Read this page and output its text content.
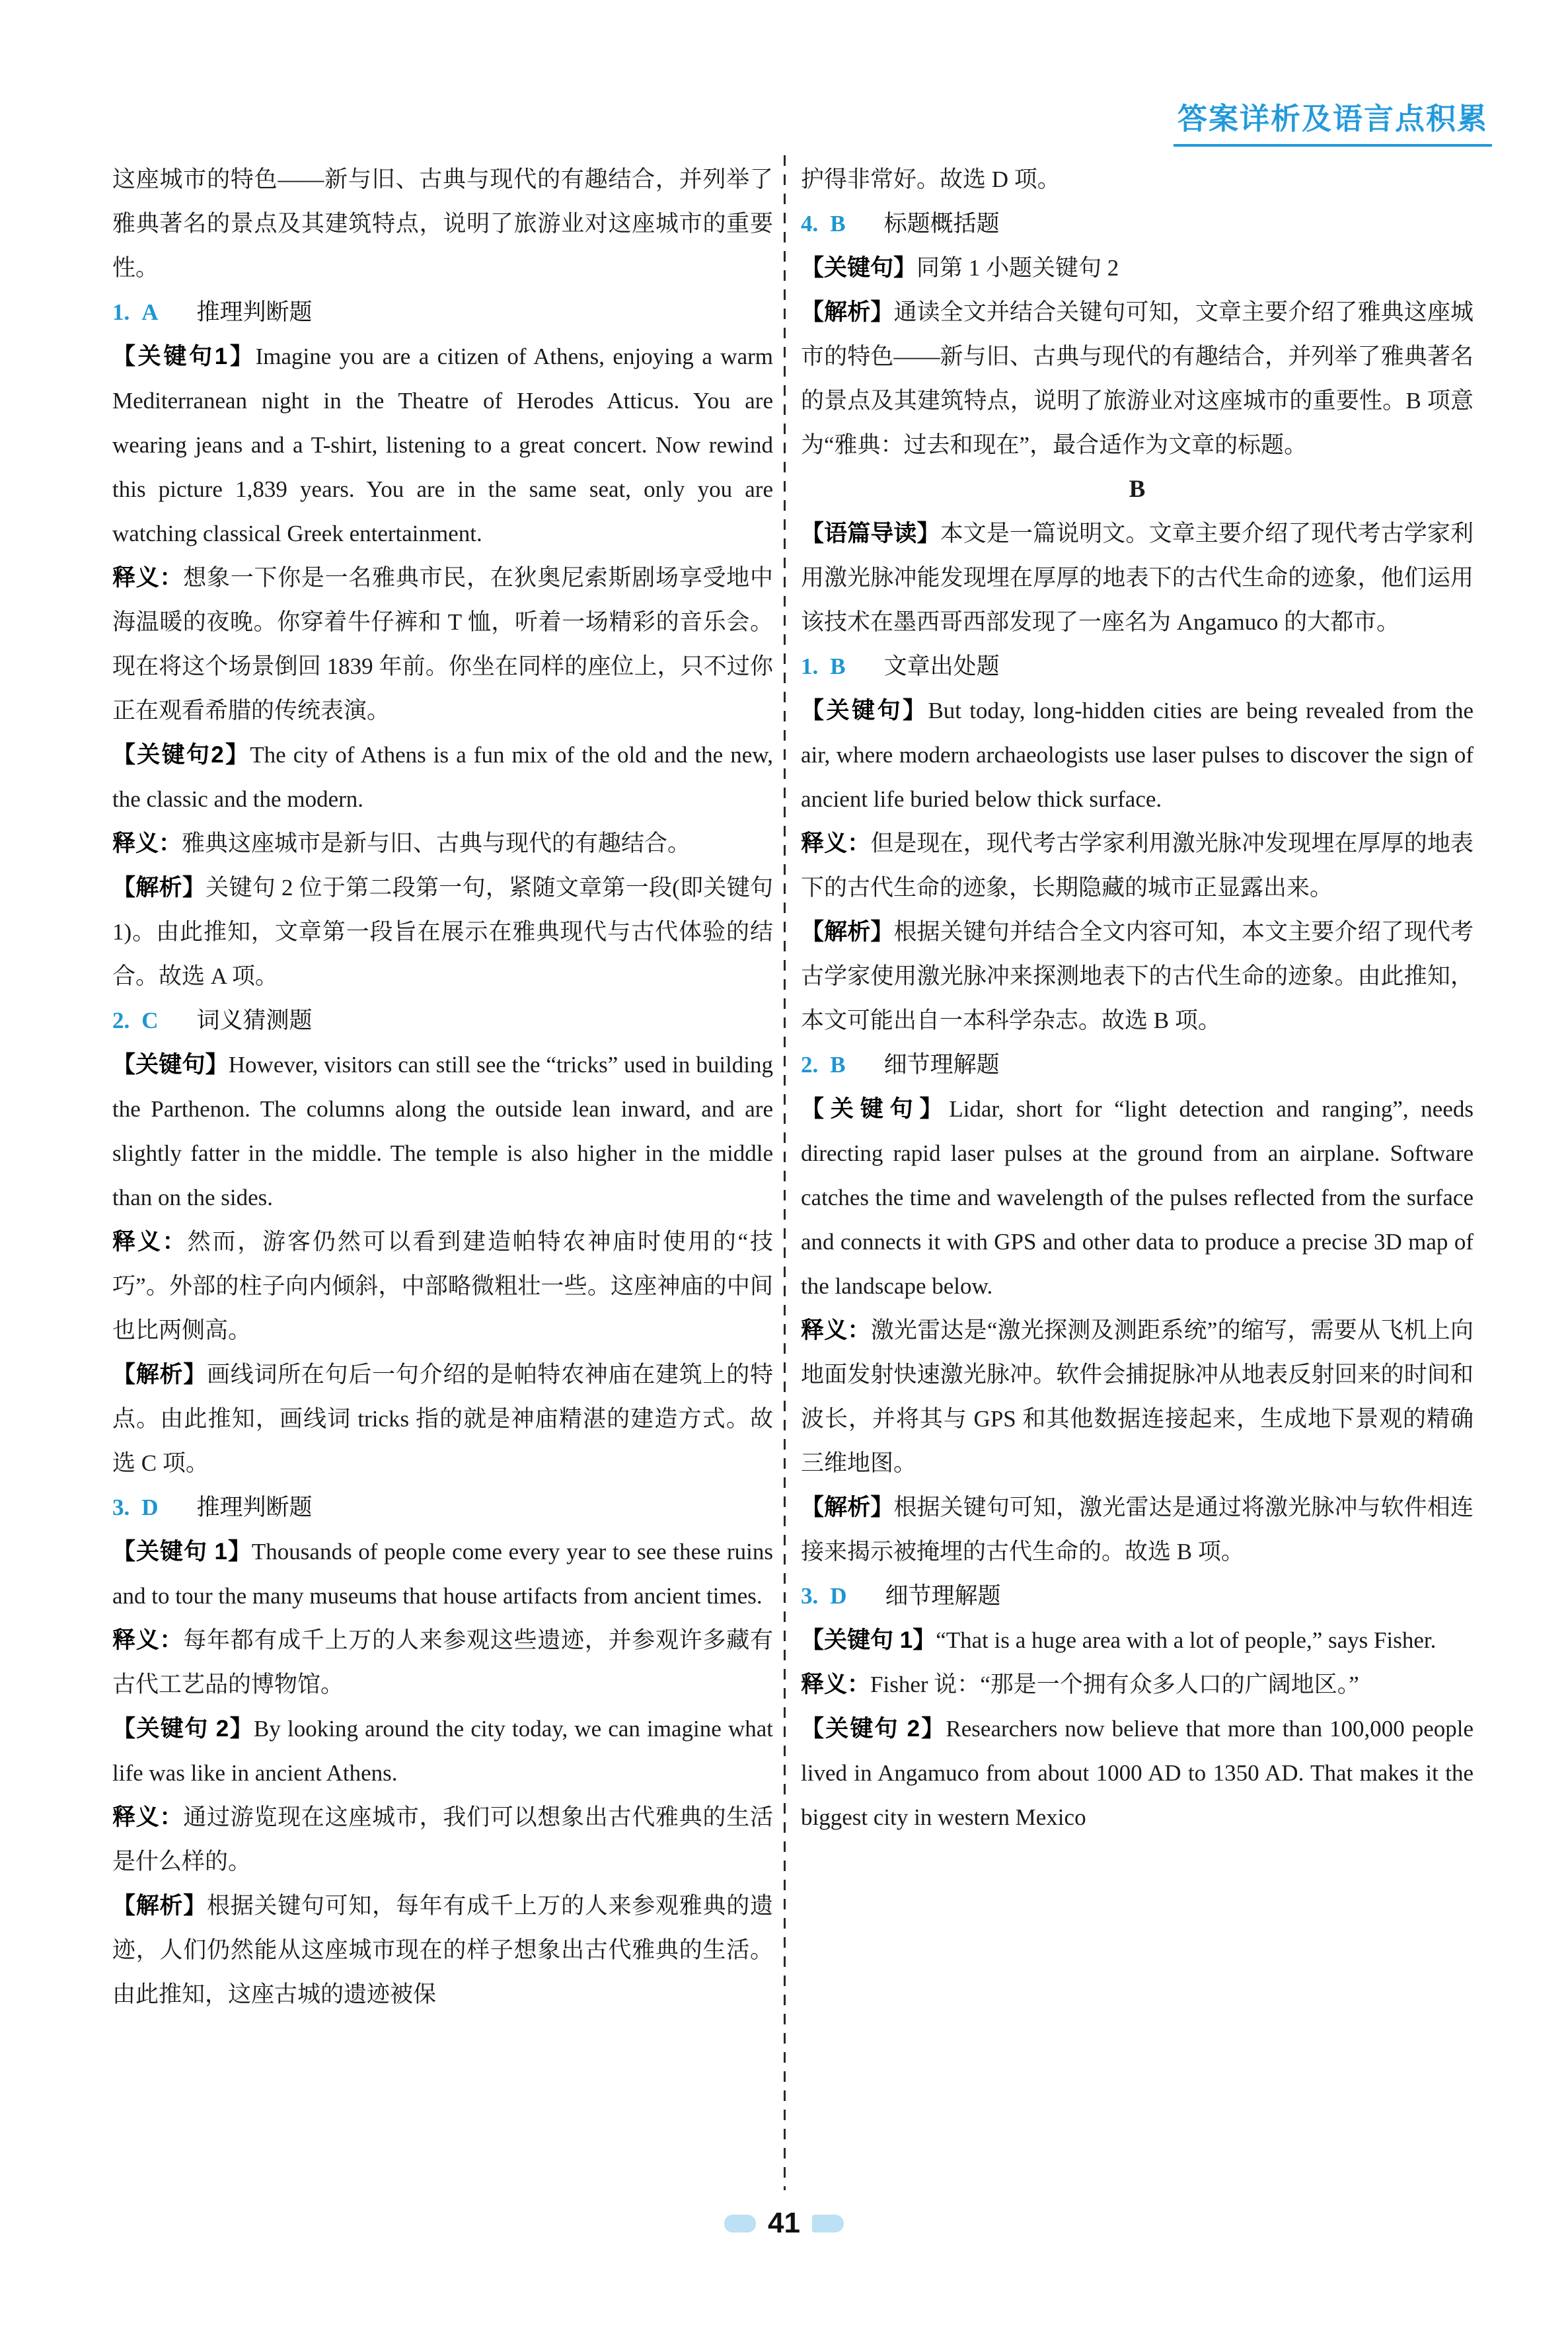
答案详析及语言点积累
这座城市的特色——新与旧、古典与现代的有趣结合，并列举了雅典著名的景点及其建筑特点，说明了旅游业对这座城市的重要性。
1. A 推理判断题
【关键句1】Imagine you are a citizen of Athens, enjoying a warm Mediterranean night in the Theatre of Herodes Atticus. You are wearing jeans and a T-shirt, listening to a great concert. Now rewind this picture 1,839 years. You are in the same seat, only you are watching classical Greek entertainment.
释义：想象一下你是一名雅典市民，在狄奥尼索斯剧场享受地中海温暖的夜晚。你穿着牛仔裤和 T 恤，听着一场精彩的音乐会。现在将这个场景倒回 1839 年前。你坐在同样的座位上，只不过你正在观看希腊的传统表演。
【关键句2】The city of Athens is a fun mix of the old and the new, the classic and the modern.
释义：雅典这座城市是新与旧、古典与现代的有趣结合。
【解析】关键句 2 位于第二段第一句，紧随文章第一段(即关键句 1)。由此推知，文章第一段旨在展示在雅典现代与古代体验的结合。故选 A 项。
2. C 词义猜测题
【关键句】However, visitors can still see the “tricks” used in building the Parthenon. The columns along the outside lean inward, and are slightly fatter in the middle. The temple is also higher in the middle than on the sides.
释义：然而，游客仍然可以看到建造帕特农神庙时使用的“技巧”。外部的柱子向内倾斜，中部略微粗壮一些。这座神庙的中间也比两侧高。
【解析】画线词所在句后一句介绍的是帕特农神庙在建筑上的特点。由此推知，画线词 tricks 指的就是神庙精湛的建造方式。故选 C 项。
3. D 推理判断题
【关键句 1】Thousands of people come every year to see these ruins and to tour the many museums that house artifacts from ancient times.
释义：每年都有成千上万的人来参观这些遗迹，并参观许多藏有古代工艺品的博物馆。
【关键句 2】By looking around the city today, we can imagine what life was like in ancient Athens.
释义：通过游览现在这座城市，我们可以想象出古代雅典的生活是什么样的。
【解析】根据关键句可知，每年有成千上万的人来参观雅典的遗迹，人们仍然能从这座城市现在的样子想象出古代雅典的生活。由此推知，这座古城的遗迹被保
护得非常好。故选 D 项。
4. B 标题概括题
【关键句】同第 1 小题关键句 2
【解析】通读全文并结合关键句可知，文章主要介绍了雅典这座城市的特色——新与旧、古典与现代的有趣结合，并列举了雅典著名的景点及其建筑特点，说明了旅游业对这座城市的重要性。B 项意为“雅典：过去和现在”，最合适作为文章的标题。
B
【语篇导读】本文是一篇说明文。文章主要介绍了现代考古学家利用激光脉冲能发现埋在厚厚的地表下的古代生命的迹象，他们运用该技术在墨西哥西部发现了一座名为 Angamuco 的大都市。
1. B 文章出处题
【关键句】But today, long-hidden cities are being revealed from the air, where modern archaeologists use laser pulses to discover the sign of ancient life buried below thick surface.
释义：但是现在，现代考古学家利用激光脉冲发现埋在厚厚的地表下的古代生命的迹象，长期隐藏的城市正显露出来。
【解析】根据关键句并结合全文内容可知，本文主要介绍了现代考古学家使用激光脉冲来探测地表下的古代生命的迹象。由此推知，本文可能出自一本科学杂志。故选 B 项。
2. B 细节理解题
【关键句】Lidar, short for “light detection and ranging”, needs directing rapid laser pulses at the ground from an airplane. Software catches the time and wavelength of the pulses reflected from the surface and connects it with GPS and other data to produce a precise 3D map of the landscape below.
释义：激光雷达是“激光探测及测距系统”的缩写，需要从飞机上向地面发射快速激光脉冲。软件会捕捉脉冲从地表反射回来的时间和波长，并将其与 GPS 和其他数据连接起来，生成地下景观的精确三维地图。
【解析】根据关键句可知，激光雷达是通过将激光脉冲与软件相连接来揭示被掩埋的古代生命的。故选 B 项。
3. D 细节理解题
【关键句 1】“That is a huge area with a lot of people,” says Fisher.
释义：Fisher 说：“那是一个拥有众多人口的广阔地区。”
【关键句 2】Researchers now believe that more than 100,000 people lived in Angamuco from about 1000 AD to 1350 AD. That makes it the biggest city in western Mexico
41
